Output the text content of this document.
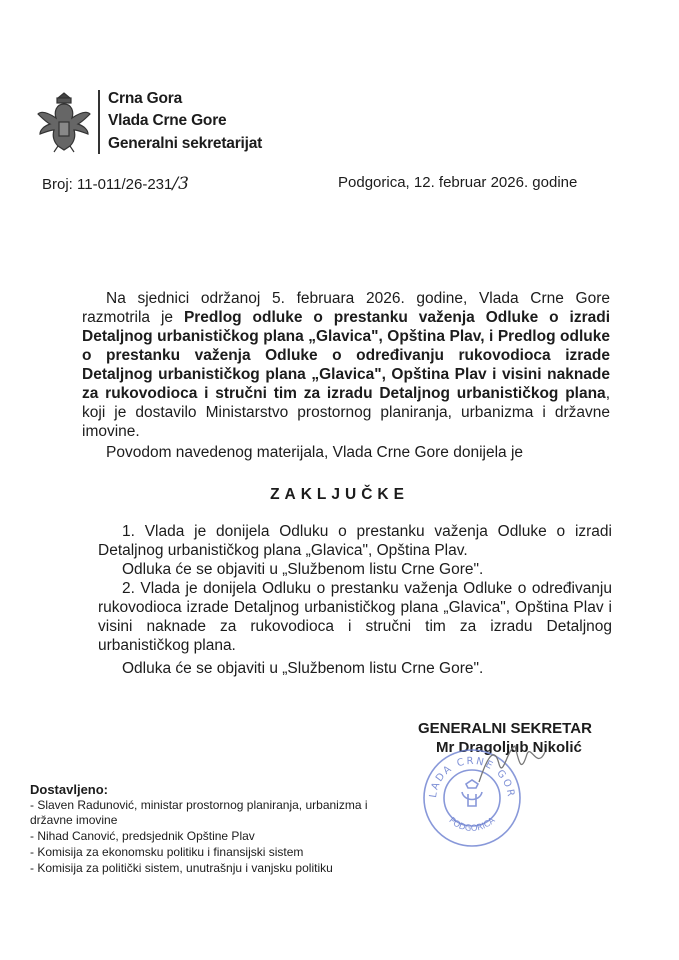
Crna Gora
Vlada Crne Gore
Generalni sekretarijat
Broj: 11-011/26-231/3	Podgorica, 12. februar 2026. godine
Na sjednici održanoj 5. februara 2026. godine, Vlada Crne Gore razmotrila je Predlog odluke o prestanku važenja Odluke o izradi Detaljnog urbanističkog plana „Glavica", Opština Plav, i Predlog odluke o prestanku važenja Odluke o određivanju rukovodioca izrade Detaljnog urbanističkog plana „Glavica", Opština Plav i visini naknade za rukovodioca i stručni tim za izradu Detaljnog urbanističkog plana, koji je dostavilo Ministarstvo prostornog planiranja, urbanizma i državne imovine.
Povodom navedenog materijala, Vlada Crne Gore donijela je
ZAKLJUČKE
1. Vlada je donijela Odluku o prestanku važenja Odluke o izradi Detaljnog urbanističkog plana „Glavica", Opština Plav.
Odluka će se objaviti u „Službenom listu Crne Gore".
2. Vlada je donijela Odluku o prestanku važenja Odluke o određivanju rukovodioca izrade Detaljnog urbanističkog plana „Glavica", Opština Plav i visini naknade za rukovodioca i stručni tim za izradu Detaljnog urbanističkog plana.
Odluka će se objaviti u „Službenom listu Crne Gore".
GENERALNI SEKRETAR
Mr Dragoljub Nikolić
LADA CRNE GOR
PODGORICA
Dostavljeno:
- Slaven Radunović, ministar prostornog planiranja, urbanizma i državne imovine
- Nihad Canović, predsjednik Opštine Plav
- Komisija za ekonomsku politiku i finansijski sistem
- Komisija za politički sistem, unutrašnju i vanjsku politiku
